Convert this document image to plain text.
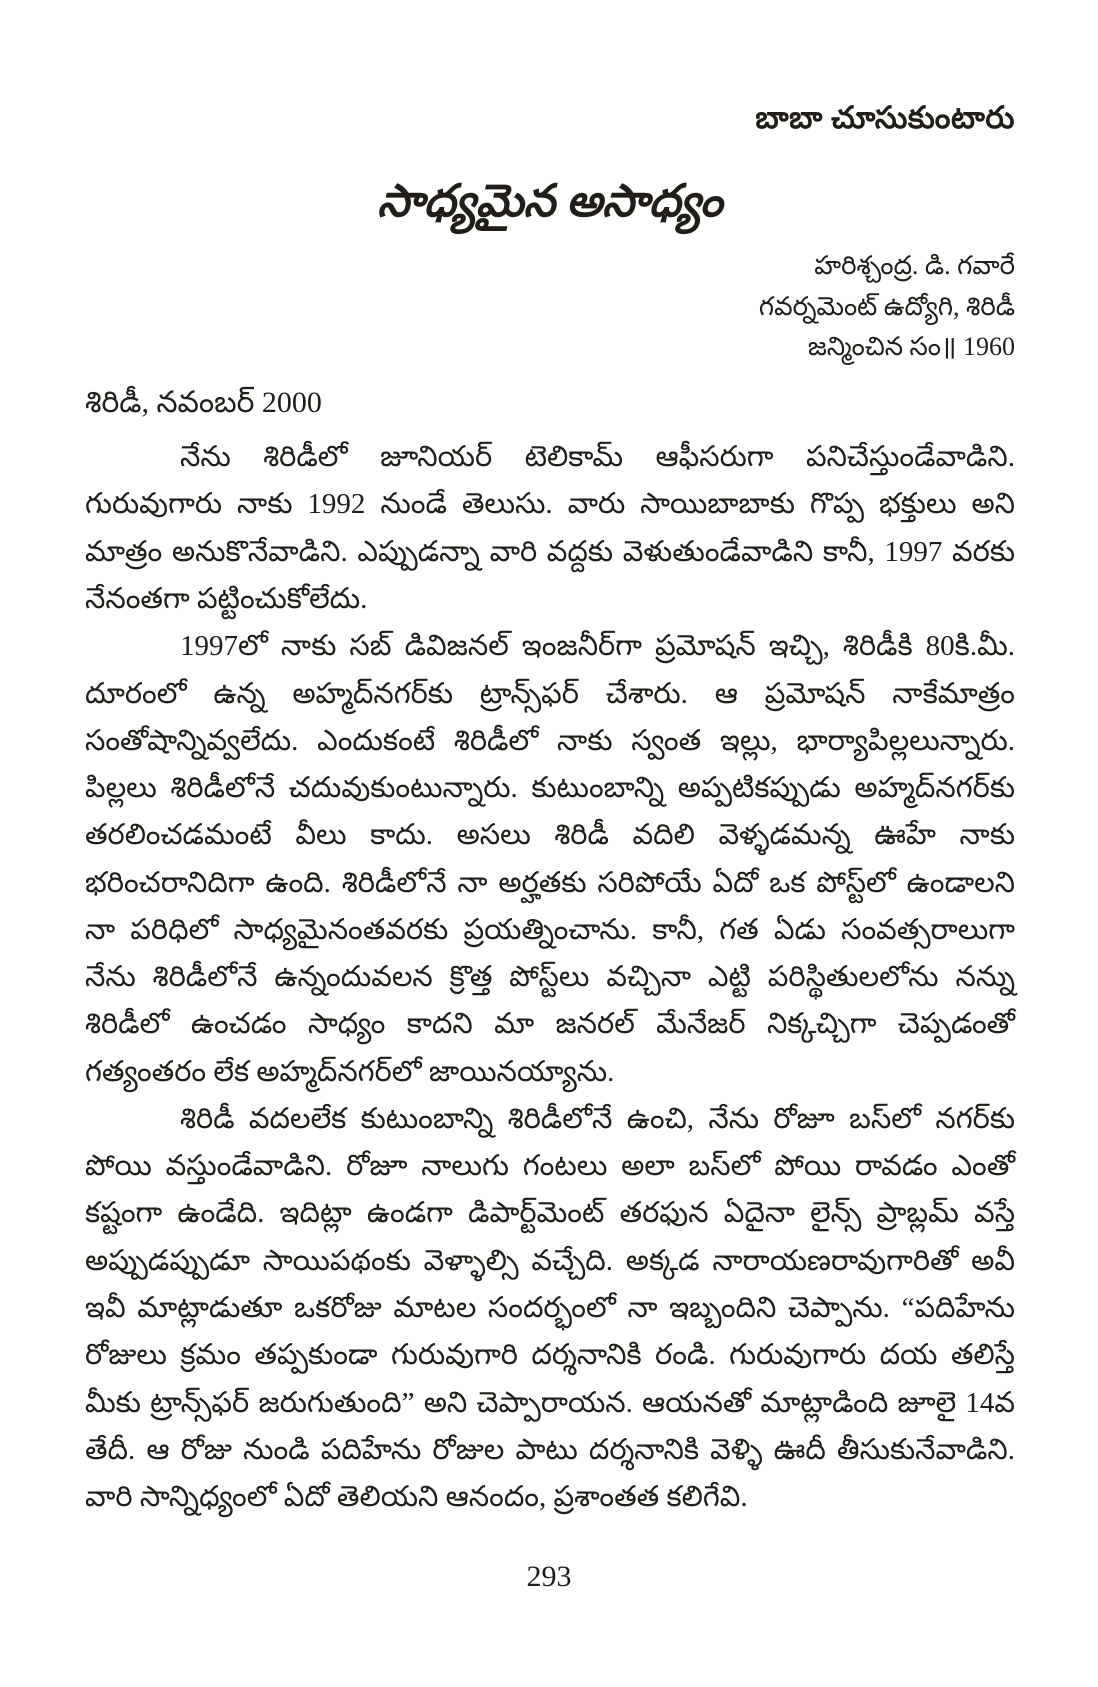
బాబా చూసుకుంటారు
సాధ్యమైన అసాధ్యం
హరిశ్చంద్ర. డి. గవారే
గవర్నమెంట్ ఉద్యోగి, శిరిడీ
జన్మించిన సం॥ 1960
శిరిడీ, నవంబర్ 2000

నేను శిరిడీలో జూనియర్ టెలికామ్ ఆఫీసరుగా పనిచేస్తుండేవాడిని. గురువుగారు నాకు 1992 నుండే తెలుసు. వారు సాయిబాబాకు గొప్ప భక్తులు అని మాత్రం అనుకొనేవాడిని. ఎప్పుడన్నా వారి వద్దకు వెళుతుండేవాడిని కానీ, 1997 వరకు నేనంతగా పట్టించుకోలేదు.

1997లో నాకు సబ్ డివిజనల్ ఇంజనీర్‌గా ప్రమోషన్ ఇచ్చి, శిరిడీకి 80కి.మీ. దూరంలో ఉన్న అహ్మద్‌నగర్‌కు ట్రాన్స్‌ఫర్ చేశారు. ఆ ప్రమోషన్ నాకేమాత్రం సంతోషాన్నివ్వలేదు. ఎందుకంటే శిరిడీలో నాకు స్వంత ఇల్లు, భార్యాపిల్లలున్నారు. పిల్లలు శిరిడీలోనే చదువుకుంటున్నారు. కుటుంబాన్ని అప్పటికప్పుడు అహ్మద్‌నగర్‌కు తరలించడమంటే వీలు కాదు. అసలు శిరిడీ వదిలి వెళ్ళడమన్న ఊహే నాకు భరించరానిదిగా ఉంది. శిరిడీలోనే నా అర్హతకు సరిపోయే ఏదో ఒక పోస్ట్‌లో ఉండాలని నా పరిధిలో సాధ్యమైనంతవరకు ప్రయత్నించాను. కానీ, గత ఏడు సంవత్సరాలుగా నేను శిరిడీలోనే ఉన్నందువలన క్రొత్త పోస్ట్‌లు వచ్చినా ఎట్టి పరిస్థితులలోను నన్ను శిరిడీలో ఉంచడం సాధ్యం కాదని మా జనరల్ మేనేజర్ నిక్కచ్చిగా చెప్పడంతో గత్యంతరం లేక అహ్మద్‌నగర్‌లో జాయినయ్యాను.

శిరిడీ వదలలేక కుటుంబాన్ని శిరిడీలోనే ఉంచి, నేను రోజూ బస్‌లో నగర్‌కు పోయి వస్తుండేవాడిని. రోజూ నాలుగు గంటలు అలా బస్‌లో పోయి రావడం ఎంతో కష్టంగా ఉండేది. ఇదిట్లా ఉండగా డిపార్ట్‌మెంట్ తరఫున ఏదైనా లైన్స్ ప్రాబ్లమ్ వస్తే అప్పుడప్పుడూ సాయిపథంకు వెళ్ళాల్సి వచ్చేది. అక్కడ నారాయణరావుగారితో అవీ ఇవీ మాట్లాడుతూ ఒకరోజు మాటల సందర్భంలో నా ఇబ్బందిని చెప్పాను. “పదిహేను రోజులు క్రమం తప్పకుండా గురువుగారి దర్శనానికి రండి. గురువుగారు దయ తలిస్తే మీకు ట్రాన్స్‌ఫర్ జరుగుతుంది” అని చెప్పారాయన. ఆయనతో మాట్లాడింది జూలై 14వ తేదీ. ఆ రోజు నుండి పదిహేను రోజుల పాటు దర్శనానికి వెళ్ళి ఊదీ తీసుకునేవాడిని. వారి సాన్నిధ్యంలో ఏదో తెలియని ఆనందం, ప్రశాంతత కలిగేవి.

293
